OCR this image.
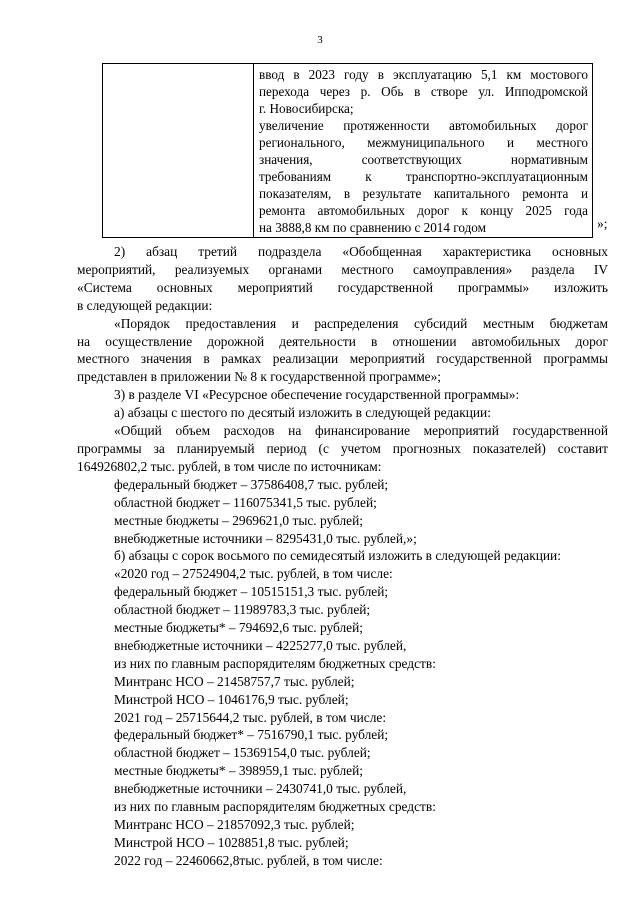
3

ввод в 2023 году в эксплуатацию 5,1 км мостового
перехода через р. Обь в створе ул. Ипподромской
г. Новосибирска;
увеличение протяженности автомобильных дорог
регионального, межмуниципального и местного
значения, соответствующих нормативным
требованиям к транспортно-эксплуатационным
показателям, в результате капитального ремонта и
ремонта автомобильных дорог к концу 2025 года
на 3888,8 км по сравнению с 2014 годом	»;
2) абзац третий подраздела «Обобщенная характеристика основных
мероприятий, реализуемых органами местного самоуправления» раздела IV
«Система основных мероприятий государственной программы» изложить
в следующей редакции:
«Порядок предоставления и распределения субсидий местным бюджетам
на осуществление дорожной деятельности в отношении автомобильных дорог
местного значения в рамках реализации мероприятий государственной программы
представлен в приложении № 8 к государственной программе»;
3) в разделе VI «Ресурсное обеспечение государственной программы»:
а) абзацы с шестого по десятый изложить в следующей редакции:
«Общий объем расходов на финансирование мероприятий государственной
программы за планируемый период (с учетом прогнозных показателей) составит
164926802,2 тыс. рублей, в том числе по источникам:
федеральный бюджет – 37586408,7 тыс. рублей;
областной бюджет – 116075341,5 тыс. рублей;
местные бюджеты – 2969621,0 тыс. рублей;
внебюджетные источники – 8295431,0 тыс. рублей,»;
б) абзацы с сорок восьмого по семидесятый изложить в следующей редакции:
«2020 год – 27524904,2 тыс. рублей, в том числе:
федеральный бюджет – 10515151,3 тыс. рублей;
областной бюджет – 11989783,3 тыс. рублей;
местные бюджеты* – 794692,6 тыс. рублей;
внебюджетные источники – 4225277,0 тыс. рублей,
из них по главным распорядителям бюджетных средств:
Минтранс НСО – 21458757,7 тыс. рублей;
Минстрой НСО – 1046176,9 тыс. рублей;
2021 год – 25715644,2 тыс. рублей, в том числе:
федеральный бюджет* – 7516790,1 тыс. рублей;
областной бюджет – 15369154,0 тыс. рублей;
местные бюджеты* – 398959,1 тыс. рублей;
внебюджетные источники – 2430741,0 тыс. рублей,
из них по главным распорядителям бюджетных средств:
Минтранс НСО – 21857092,3 тыс. рублей;
Минстрой НСО – 1028851,8 тыс. рублей;
2022 год – 22460662,8тыс. рублей, в том числе:
